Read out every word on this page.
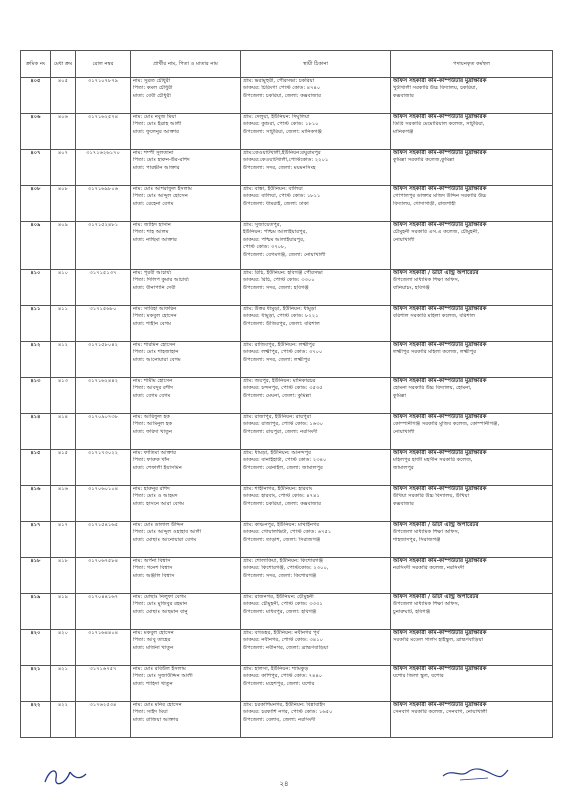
ক্রমিক নং	মেধা ক্রম	রোল নম্বর	প্রার্থীর নাম, পিতা ও মাতার নাম	স্থায়ী ঠিকানা	পদায়নকৃত কর্মস্থল
৪০৫	৪০৫	৩১৭১০৭৮৭৯	নাম: সুব্রত চৌধুরী
পিতা: কমল চৌধুরী
মাতা: বেবী চৌধুরী	গ্রাম: ভরামুহুরী, পৌরসভা: চকরিয়া
ডাকঘর: চিরিংগা পোস্ট কোড: ৪৭৪০
উপজেলা: চকরিয়া, জেলা: কক্সবাজার	অফিস সহকারী কাম-কম্পিউটার মুদ্রাক্ষরিক
খুটাখালী সরকারি উচ্চ বিদ্যালয়, চকরিয়া,
কক্সবাজার

৪০৬	৪০৬	৩১৭১৬২৫৭৪	নাম: মোঃ নবুজ মিয়া
পিতা: মোঃ ইব্রাহ আলী
মাতা: ফুলেনুর আক্তার	গ্রাম: দেলুয়া, ইউনিয়ন: দিঘুলিয়া
ডাকঘর: কুশুরা, পোস্ট কোড: ১৮১০
উপজেলা: সাটুরিয়া, জেলা: মানিকগঞ্জ	অফিস সহকারী কাম-কম্পিউটার মুদ্রাক্ষরিক
ডিগ্রি সরকারি মেমোরিয়াল কলেজ, সাটুরিয়া,
মানিকগঞ্জ

৪০৭	৪০৭	৩১৭১৬২৬১৭০	নাম: শম্পী সুলতানা
পিতা: মোঃ হারুন-উর-রশিদ
মাতা: পারভীন আক্তার	গ্রাম:কেওয়াটখালী,ইউনিয়ন:রঘুরামপুর
ডাকঘর:কেওয়াটখালী,পোস্টকোড: ২২০১
উপজেলা: সদর, জেলা: ময়মনসিংহ	অফিস সহকারী কাম-কম্পিউটার মুদ্রাক্ষরিক
কুমিল্লা সরকারি কলেজ,কুমিল্লা

৪০৮	৪০৮	৩১৭১৬৯৮০৬	নাম: মোঃ আশরাফুল ইসলাম
পিতা: মোঃ আব্দুল হোসেন
মাতা: রেহেনা বেগম	গ্রাম: বাস্তা, ইউনিয়ন: বালিয়া
ডাকঘর: বালিয়া, পোস্ট কোড: ১৮১১
উপজেলা: ধামরাই, জেলা: ঢাকা	অফিস সহকারী কাম-কম্পিউটার মুদ্রাক্ষরিক
গোপালপুর ডাক্তার মজিদ উদ্দিন সরকারি উচ্চ
বিদ্যালয়, গোদাগাড়ী, রাজশাহী

৪০৯	৪০৯	৩১৭১৫২৪৮১	নাম: জাহিদ হাসান
পিতা: শাহ আলম
মাতা: নাছিমা আক্তার	গ্রাম: সুজায়েতপুর,
ইউনিয়ন: পশ্চিম আলাইয়ারপুর,
ডাকঘর: পশ্চিম আলাইয়ারপুর,
পোস্ট কোড: ৩৭০৮,
উপজেলা: বেগমগঞ্জ, জেলা: নোয়াখালী	অফিস সহকারী কাম-কম্পিউটার মুদ্রাক্ষরিক
চৌমুহনী সরকারি এস.এ কলেজ, চৌমুহনী,
নোয়াখালী

৪১০	৪১০	৩১৭১৫১৩৭	নাম: পূরবী আচার্য্য
পিতা: দিলিপ কুমার আচার্য্য
মাতা: বীনাপানি দেবী	গ্রাম: রিচি, ইউনিয়ন: হবিগঞ্জ পৌরসভা
ডাকঘর: রিচি, পোস্ট কোড: ৩৩০০
উপজেলা: সদর, জেলা: হবিগঞ্জ	অফিস সহকারী / ডাটা এন্ট্রি অপারেটর
উপজেলা মাধ্যমিক শিক্ষা অফিস,
বানিয়াচং, হবিগঞ্জ

৪১১	৪১১	৩১৭১৫৬৮০	নাম: সাবিহা আফরিন
পিতা: মকবুল হোসেন
মাতা: শাহীন বেগম	গ্রাম: উত্তর ধামুড়া, ইউনিয়ন: ধামুড়া
ডাকঘর: ধামুড়া, পোস্ট কোড: ৮২২১
উপজেলা: উজিরপুর, জেলা: বরিশাল	অফিস সহকারী কাম-কম্পিউটার মুদ্রাক্ষরিক
বরিশাল সরকারি মহিলা কলেজ, বরিশাল

৪১২	৪১২	৩১৭১৫৮০৪২	নাম: শারমিন হোসেন
পিতা: মোঃ শাহজাহান
মাতা: আনোয়ারা বেগম	গ্রাম: রাজিবপুর, ইউনিয়ন: লক্ষ্মীপুর
ডাকঘর: লক্ষ্মীপুর, পোস্ট কোড: ৩৭০০
উপজেলা: সদর, জেলা: লক্ষ্মীপুর	অফিস সহকারী কাম-কম্পিউটার মুদ্রাক্ষরিক
লক্ষ্মীপুর সরকারি মহিলা কলেজ, লক্ষ্মীপুর

৪১৩	৪১৩	৩১৭১৬২৪৪২	নাম: শামীম হোসেন
পিতা: আবদুর রশীদ
মাতা: বেগম বেগম	গ্রাম: জয়পুর, ইউনিয়ন: মানিকারচর
ডাকঘর: চন্দনপুর, পোস্ট কোড: ৩৫৩৫
উপজেলা: মেঘনা, জেলা: কুমিল্লা	অফিস সহকারী কাম-কম্পিউটার মুদ্রাক্ষরিক
হোমনা সরকারি উচ্চ বিদ্যালয়, হোমনা,
কুমিল্লা

৪১৪	৪১৪	৩১৭০৯০৭৩৮	নাম: আরিফুল হক
পিতা: আমিনুল হক
মাতা: ফরিদা খাতুন	গ্রাম: রাজাপুর, ইউনিয়ন: রায়পুরা
ডাকঘর: রাজাপুর, পোস্ট কোড: ১৬৩০
উপজেলা: রায়পুরা, জেলা: নরসিংদী	অফিস সহকারী কাম-কম্পিউটার মুদ্রাক্ষরিক
কোম্পানীগঞ্জ সরকারি মুজিব কলেজ, কোম্পানীগঞ্জ,
নোয়াখালী

৪১৫	৪১৫	৩১৭১৭৩০২২	নাম: ফাতিমা আক্তার
পিতা: ফারুক খাঁন
মাতা: শেফালী ইয়াসমিন	গ্রাম: ধামড়া, ইউনিয়ন: আনন্দপুর
ডাকঘর: বানাইহাটা, পোস্ট কোড: ২৩৪০
উপজেলা: ঝেনাইল, জেলা: জামালপুর	অফিস সহকারী কাম-কম্পিউটার মুদ্রাক্ষরিক
মহিলপুর হাজী মহসীন সরকারি কলেজ,
জামালপুর

৪১৬	৪১৬	৩১৭০৬০১০৪	নাম: হারুনুর রশিদ
পিতা: মোঃ ও আহমদ
মাতা: হাসনে আরা বেগম	গ্রাম: শাহীনাগর, ইউনিয়ন: হারবাং
ডাকঘর: হারবাং, পোস্ট কোড: ৪৭৪১
উপজেলা: চকরিয়া, জেলা: কক্সবাজার	অফিস সহকারী কাম-কম্পিউটার মুদ্রাক্ষরিক
উখিয়া সরকারি উচ্চ বিদ্যালয়, উখিয়া
কক্সবাজার

৪১৭	৪১৭	৩১৭১৫৪১৬৫	নাম: মোঃ ডালাল উদ্দিন
পিতা: মোঃ আব্দুল ওহাহাব আলী
মাতা: মোছাঃ আনোয়ারা বেগম	গ্রাম: কাঞ্চনপুর, ইউনিয়ন: মাথাইনগর
ডাকঘর: গোয়ালভিটা, পোস্ট কোড: ৬৭৫১
উপজেলা: তাড়াশ, জেলা: সিরাজগঞ্জ	অফিস সহকারী / ডাটা এন্ট্রি অপারেটর
উপজেলা মাধ্যমিক শিক্ষা অফিস,
শাহজাদপুর, সিরাজগঞ্জ

৪১৮	৪১৮	৩১৭০৬৭৫৮৪	নাম: অর্পনা বিশ্বাস
পিতা: গনেশ বিশ্বাস
মাতা: অঞ্জলি বিশ্বাস	গ্রাম: শোলাকিয়া, ইউনিয়ন: কিশোরগঞ্জ
ডাকঘর: কিশোরগঞ্জ, পোস্টকোড: ২৩০০,
উপজেলা: সদর, জেলা: কিশোরগঞ্জ	অফিস সহকারী কাম-কম্পিউটার মুদ্রাক্ষরিক
নরসিংদী সরকারি কলেজ, নরসিংদী

৪১৯	৪১৯	৩১৭০৪৪১৬৭	নাম: মোছাঃ নিলুফা বেগম
পিতা: মোঃ মুজিবুর রহমান
মাতা: মোছাঃ আছমান বানু	গ্রাম: রাজনগর, ইউনিয়ন: চৌমুহনী
ডাকঘর: চৌমুহনী, পোস্ট কোড: ৩৩৩১
উপজেলা: মাধবপুর, জেলা: হবিগঞ্জ	অফিস সহকারী / ডাটা এন্ট্রি অপারেটর
উপজেলা মাধ্যমিক শিক্ষা অফিস,
চুনারুঘাট, হবিগঞ্জ

৪২০	৪২০	৩১৭১৬৪৪০৪	নাম: মকবুল হোসেন
পিতা: আবু তাহের
মাতা: মর্জিনা খাতুন	গ্রাম: বগডহর, ইউনিয়ন: নবীনগর পূর্ব
ডাকঘর: নবীনগর, পোস্ট কোড: ৩৪১০
উপজেলা: নবীনগর, জেলা: ব্রাহ্মণবাড়িয়া	অফিস সহকারী কাম-কম্পিউটার মুদ্রাক্ষরিক
সরকারি মডেল গার্লস হাইস্কুল, ব্রাহ্মণবাড়িয়া

৪২১	৪২১	৩১৭১৬৭৫৭	নাম: মোঃ রবিউল ইসলাম
পিতা: মোঃ সুজাউদ্দিন আলী
মাতা: শাহিদা খাতুন	গ্রাম: হালসা, ইউনিয়ন: শ্যামকুড়
ডাকঘর: কাশিপুর, পোস্ট কোড: ৭৪৪০
উপজেলা: মহেশপুর, জেলা: যশোর	অফিস সহকারী কাম-কম্পিউটার মুদ্রাক্ষরিক
যশোর জিলা স্কুল, যশোর

৪২২	৪২২	৩১৭৬২৫৩৪	নাম: মোঃ মনির হোসেন
পিতা: সাইদ মিয়া
মাতা: রাজিয়া আক্তার	গ্রাম: চরকাশিমনগর, ইউনিয়ন: বিন্নাবাইদ
ডাকঘর: চরকাশি নগর, পোস্ট কোড: ১৬৫০
উপজেলা: বেলাব, জেলা: নরসিংদী	অফিস সহকারী কাম-কম্পিউটার মুদ্রাক্ষরিক
সেনবাগ সরকারি কলেজ, সেনবাগ, নোয়াখালী
২৪
